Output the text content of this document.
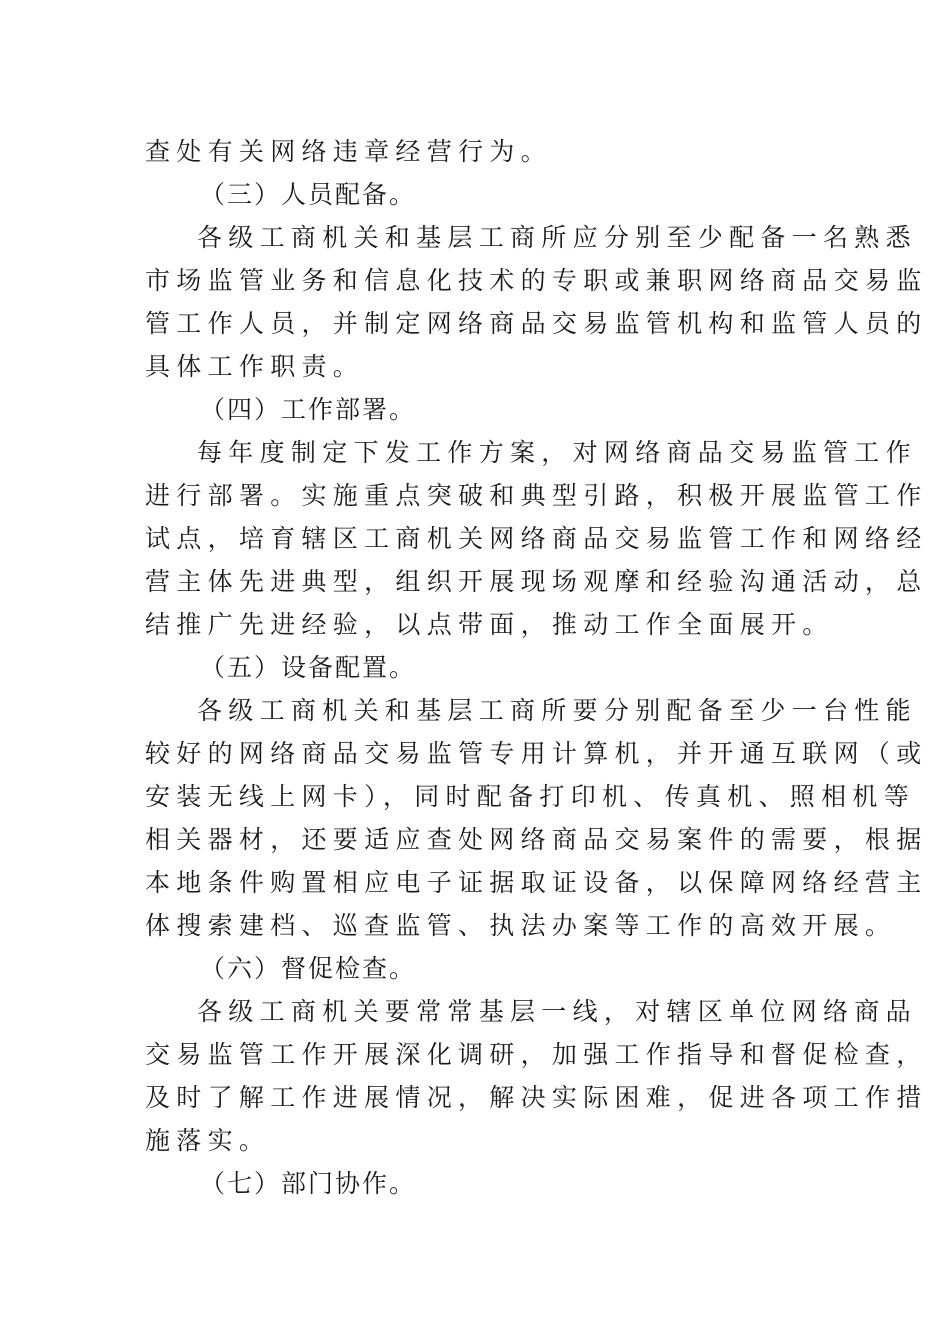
查处有关网络违章经营行为。
（三）人员配备。
各级工商机关和基层工商所应分别至少配备一名熟悉
市场监管业务和信息化技术的专职或兼职网络商品交易监
管工作人员，并制定网络商品交易监管机构和监管人员的
具体工作职责。
（四）工作部署。
每年度制定下发工作方案，对网络商品交易监管工作
进行部署。实施重点突破和典型引路，积极开展监管工作
试点，培育辖区工商机关网络商品交易监管工作和网络经
营主体先进典型，组织开展现场观摩和经验沟通活动，总
结推广先进经验，以点带面，推动工作全面展开。
（五）设备配置。
各级工商机关和基层工商所要分别配备至少一台性能
较好的网络商品交易监管专用计算机，并开通互联网（或
安装无线上网卡），同时配备打印机、传真机、照相机等
相关器材，还要适应查处网络商品交易案件的需要，根据
本地条件购置相应电子证据取证设备，以保障网络经营主
体搜索建档、巡查监管、执法办案等工作的高效开展。
（六）督促检查。
各级工商机关要常常基层一线，对辖区单位网络商品
交易监管工作开展深化调研，加强工作指导和督促检查，
及时了解工作进展情况，解决实际困难，促进各项工作措
施落实。
（七）部门协作。
